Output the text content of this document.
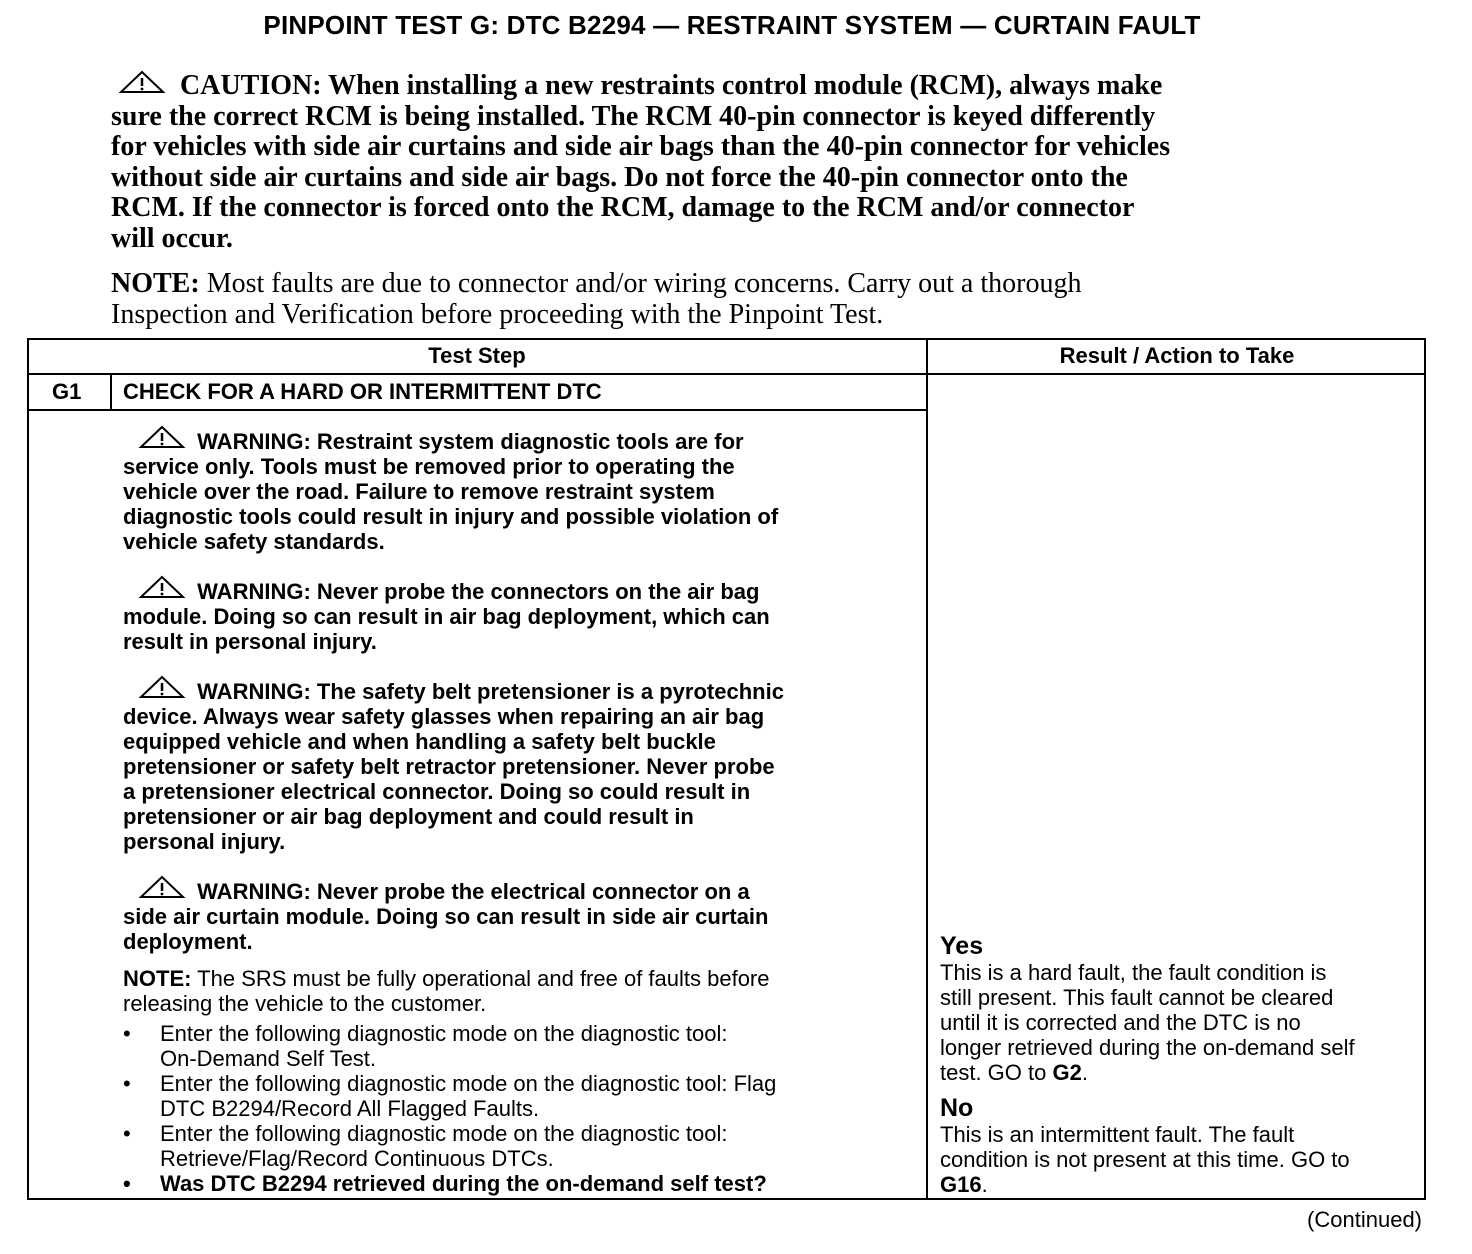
PINPOINT TEST G: DTC B2294 — RESTRAINT SYSTEM — CURTAIN FAULT

CAUTION: When installing a new restraints control module (RCM), always make

sure the correct RCM is being installed. The RCM 40-pin connector is keyed differently

for vehicles with side air curtains and side air bags than the 40-pin connector for vehicles

without side air curtains and side air bags. Do not force the 40-pin connector onto the

RCM. If the connector is forced onto the RCM, damage to the RCM and/or connector

will occur.

NOTE: Most faults are due to connector and/or wiring concerns. Carry out a thorough

Inspection and Verification before proceeding with the Pinpoint Test.

Test Step	Result / Action to Take
G1 CHECK FOR A HARD OR INTERMITTENT DTC
WARNING: Restraint system diagnostic tools are for
service only. Tools must be removed prior to operating the
vehicle over the road. Failure to remove restraint system
diagnostic tools could result in injury and possible violation of
vehicle safety standards.
WARNING: Never probe the connectors on the air bag
module. Doing so can result in air bag deployment, which can
result in personal injury.
WARNING: The safety belt pretensioner is a pyrotechnic
device. Always wear safety glasses when repairing an air bag
equipped vehicle and when handling a safety belt buckle
pretensioner or safety belt retractor pretensioner. Never probe
a pretensioner electrical connector. Doing so could result in
pretensioner or air bag deployment and could result in
personal injury.
WARNING: Never probe the electrical connector on a
side air curtain module. Doing so can result in side air curtain
deployment.
NOTE: The SRS must be fully operational and free of faults before
releasing the vehicle to the customer.
• Enter the following diagnostic mode on the diagnostic tool:
On-Demand Self Test.
• Enter the following diagnostic mode on the diagnostic tool: Flag
DTC B2294/Record All Flagged Faults.
• Enter the following diagnostic mode on the diagnostic tool:
Retrieve/Flag/Record Continuous DTCs.
• Was DTC B2294 retrieved during the on-demand self test?
Yes
This is a hard fault, the fault condition is
still present. This fault cannot be cleared
until it is corrected and the DTC is no
longer retrieved during the on-demand self
test. GO to G2.
No
This is an intermittent fault. The fault
condition is not present at this time. GO to
G16.
(Continued)
